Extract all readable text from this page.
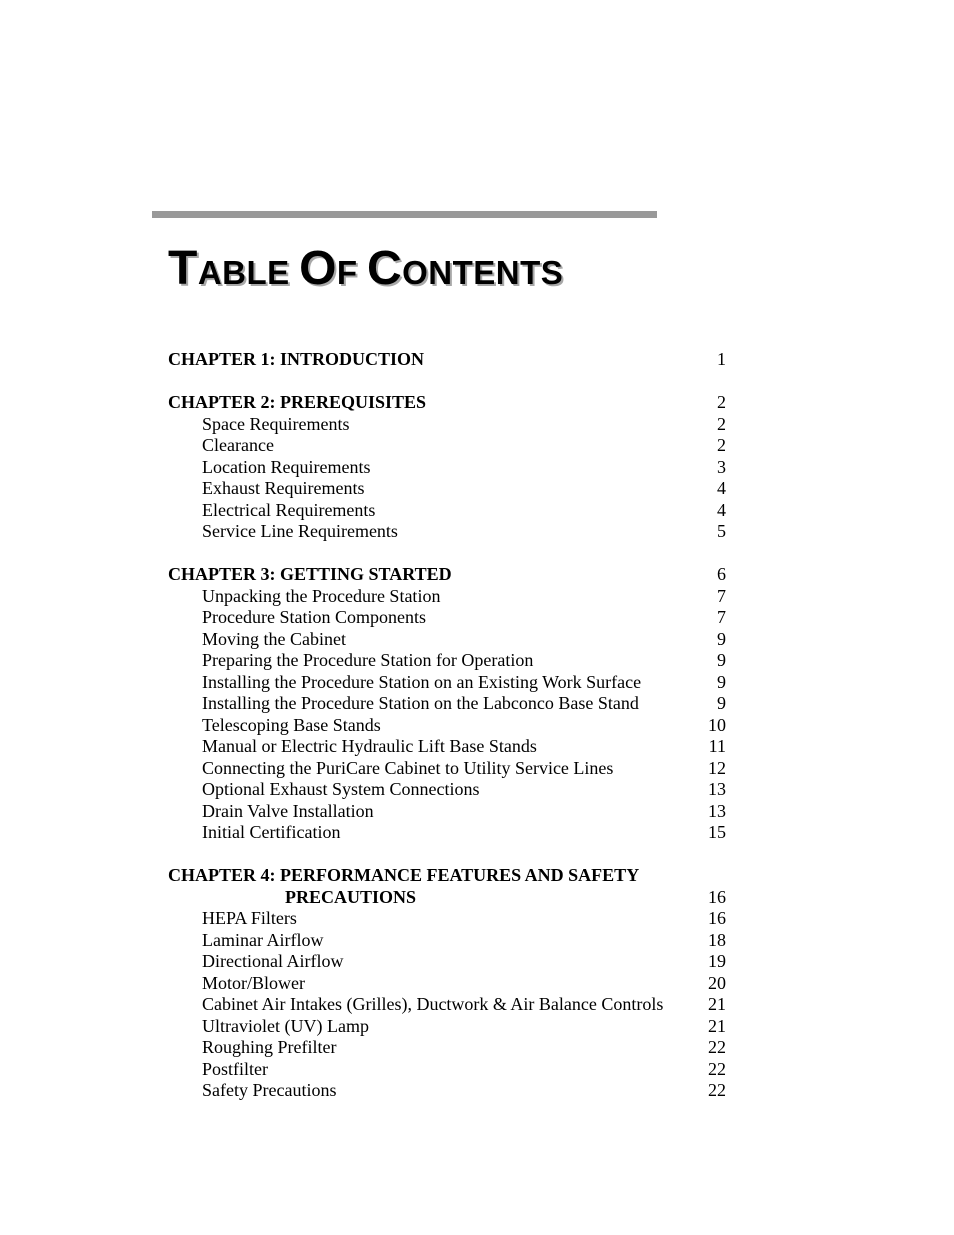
TABLE OF CONTENTS
CHAPTER 1: INTRODUCTION	1
CHAPTER 2: PREREQUISITES	2
Space Requirements	2
Clearance	2
Location Requirements	3
Exhaust Requirements	4
Electrical Requirements	4
Service Line Requirements	5
CHAPTER 3: GETTING STARTED	6
Unpacking the Procedure Station	7
Procedure Station Components	7
Moving the Cabinet	9
Preparing the Procedure Station for Operation	9
Installing the Procedure Station on an Existing Work Surface	9
Installing the Procedure Station on the Labconco Base Stand	9
Telescoping Base Stands	10
Manual or Electric Hydraulic Lift Base Stands	11
Connecting the PuriCare Cabinet to Utility Service Lines	12
Optional Exhaust System Connections	13
Drain Valve Installation	13
Initial Certification	15
CHAPTER 4: PERFORMANCE FEATURES AND SAFETY
PRECAUTIONS	16
HEPA Filters	16
Laminar Airflow	18
Directional Airflow	19
Motor/Blower	20
Cabinet Air Intakes (Grilles), Ductwork & Air Balance Controls 21
Ultraviolet (UV) Lamp	21
Roughing Prefilter	22
Postfilter	22
Safety Precautions	22
